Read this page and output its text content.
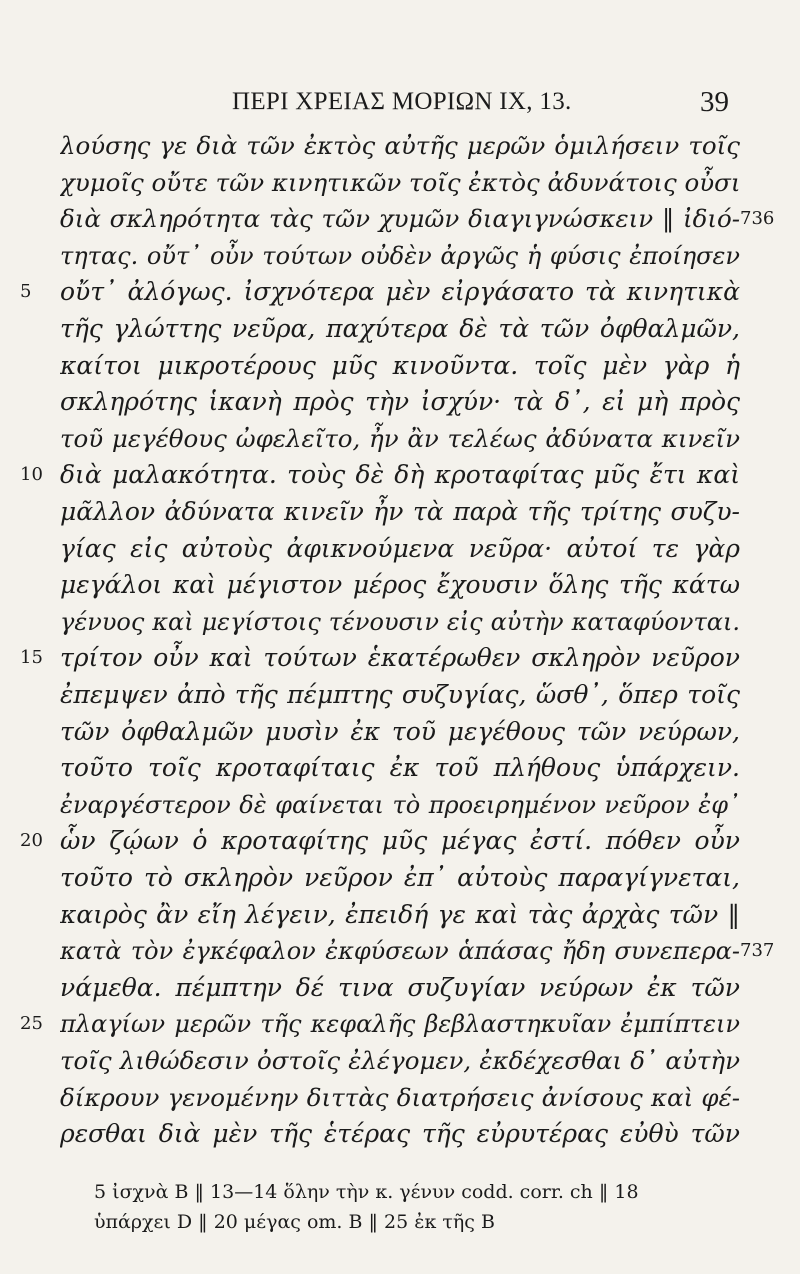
ΠΕΡΙ ΧΡΕΙΑΣ ΜΟΡΙΩΝ IX, 13.	39
λούσης γε διὰ τῶν ἐκτὸς αὐτῆς μερῶν ὁμιλήσειν τοῖς
χυμοῖς οὔτε τῶν κινητικῶν τοῖς ἐκτὸς ἀδυνάτοις οὖσι
διὰ σκληρότητα τὰς τῶν χυμῶν διαγιγνώσκειν ‖ ἰδιό- 736
τητας. οὔτ᾽ οὖν τούτων οὐδὲν ἀργῶς ἡ φύσις ἐποίησεν
5 οὔτ᾽ ἀλόγως. ἰσχνότερα μὲν εἰργάσατο τὰ κινητικὰ
τῆς γλώττης νεῦρα, παχύτερα δὲ τὰ τῶν ὀφθαλμῶν,
καίτοι μικροτέρους μῦς κινοῦντα. τοῖς μὲν γὰρ ἡ
σκληρότης ἱκανὴ πρὸς τὴν ἰσχύν· τὰ δ᾽, εἰ μὴ πρὸς
τοῦ μεγέθους ὠφελεῖτο, ἦν ἂν τελέως ἀδύνατα κινεῖν
10 διὰ μαλακότητα. τοὺς δὲ δὴ κροταφίτας μῦς ἔτι καὶ
μᾶλλον ἀδύνατα κινεῖν ἦν τὰ παρὰ τῆς τρίτης συζυ-
γίας εἰς αὐτοὺς ἀφικνούμενα νεῦρα· αὐτοί τε γὰρ
μεγάλοι καὶ μέγιστον μέρος ἔχουσιν ὅλης τῆς κάτω
γένυος καὶ μεγίστοις τένουσιν εἰς αὐτὴν καταφύονται.
15 τρίτον οὖν καὶ τούτων ἑκατέρωθεν σκληρὸν νεῦρον
ἐπεμψεν ἀπὸ τῆς πέμπτης συζυγίας, ὥσθ᾽, ὅπερ τοῖς
τῶν ὀφθαλμῶν μυσὶν ἐκ τοῦ μεγέθους τῶν νεύρων,
τοῦτο τοῖς κροταφίταις ἐκ τοῦ πλήθους ὑπάρχειν.
ἐναργέστερον δὲ φαίνεται τὸ προειρημένον νεῦρον ἐφ᾽
20 ὧν ζῴων ὁ κροταφίτης μῦς μέγας ἐστί. πόθεν οὖν
τοῦτο τὸ σκληρὸν νεῦρον ἐπ᾽ αὐτοὺς παραγίγνεται,
καιρὸς ἂν εἴη λέγειν, ἐπειδή γε καὶ τὰς ἀρχὰς τῶν ‖
κατὰ τὸν ἐγκέφαλον ἐκφύσεων ἁπάσας ἤδη συνεπερα- 737
νάμεθα. πέμπτην δέ τινα συζυγίαν νεύρων ἐκ τῶν
25 πλαγίων μερῶν τῆς κεφαλῆς βεβλαστηκυῖαν ἐμπίπτειν
τοῖς λιθώδεσιν ὀστοῖς ἐλέγομεν, ἐκδέχεσθαι δ᾽ αὐτὴν
δίκρουν γενομένην διττὰς διατρήσεις ἀνίσους καὶ φέ-
ρεσθαι διὰ μὲν τῆς ἑτέρας τῆς εὐρυτέρας εὐθὺ τῶν
5 ἰσχνὰ B ‖ 13—14 ὅλην τὴν κ. γένυν codd. corr. ch ‖ 18
ὑπάρχει D ‖ 20 μέγας om. B ‖ 25 ἐκ τῆς B
